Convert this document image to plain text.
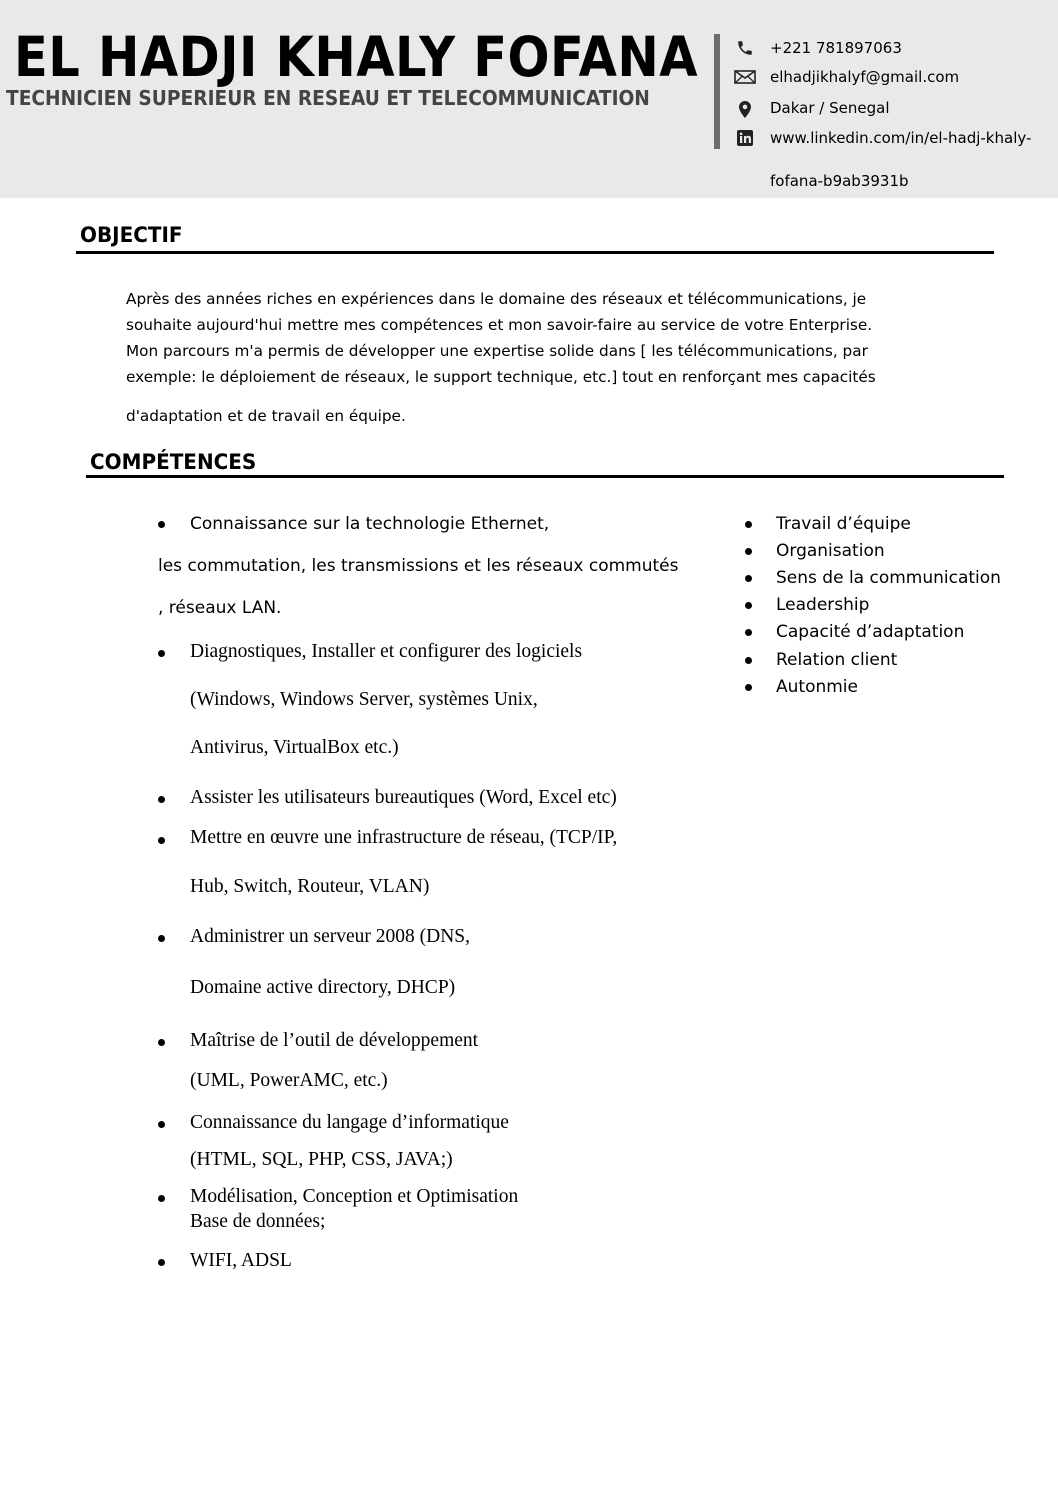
EL HADJI KHALY FOFANA
TECHNICIEN SUPERIEUR EN RESEAU ET TELECOMMUNICATION
+221 781897063
elhadjikhalyf@gmail.com
Dakar / Senegal
www.linkedin.com/in/el-hadj-khaly-
fofana-b9ab3931b
OBJECTIF
Après des années riches en expériences dans le domaine des réseaux et télécommunications, je
souhaite aujourd'hui mettre mes compétences et mon savoir-faire au service de votre Enterprise.
Mon parcours m'a permis de développer une expertise solide dans [ les télécommunications, par
exemple: le déploiement de réseaux, le support technique, etc.] tout en renforçant mes capacités
d'adaptation et de travail en équipe.
COMPÉTENCES
Connaissance sur la technologie Ethernet,
les commutation, les transmissions et les réseaux commutés
, réseaux LAN.
Diagnostiques, Installer et configurer des logiciels
(Windows, Windows Server, systèmes Unix,
Antivirus, VirtualBox etc.)
Assister les utilisateurs bureautiques (Word, Excel etc)
Mettre en œuvre une infrastructure de réseau, (TCP/IP,
Hub, Switch, Routeur, VLAN)
Administrer un serveur 2008 (DNS,
Domaine active directory, DHCP)
Maîtrise de l’outil de développement
(UML, PowerAMC, etc.)
Connaissance du langage d’informatique
(HTML, SQL, PHP, CSS, JAVA;)
Modélisation, Conception et Optimisation
Base de données;
WIFI, ADSL
Travail d’équipe
Organisation
Sens de la communication
Leadership
Capacité d’adaptation
Relation client
Autonmie
